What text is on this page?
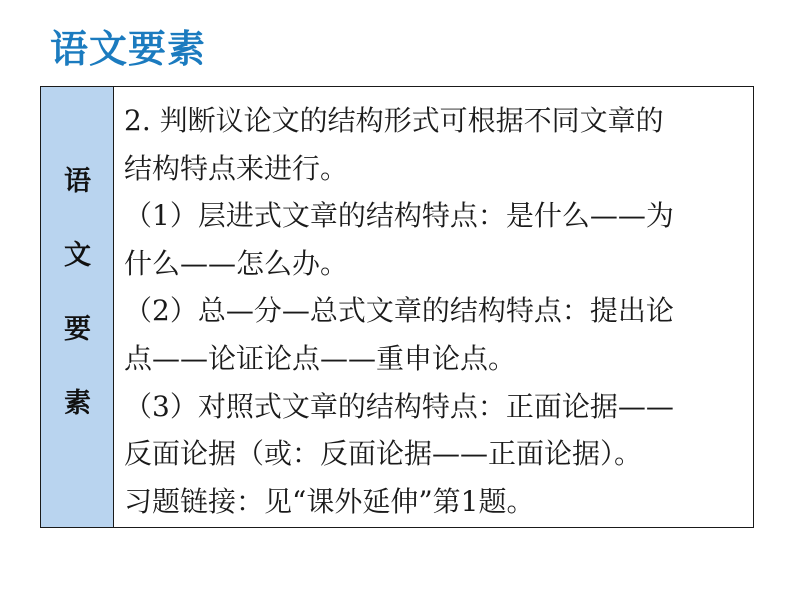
语文要素
语
文
要
素
2. 判断议论文的结构形式可根据不同文章的
结构特点来进行。
（1）层进式文章的结构特点：是什么——为
什么——怎么办。
（2）总—分—总式文章的结构特点：提出论
点——论证论点——重申论点。
（3）对照式文章的结构特点：正面论据——
反面论据（或：反面论据——正面论据）。
习题链接：见“课外延伸”第1题。
